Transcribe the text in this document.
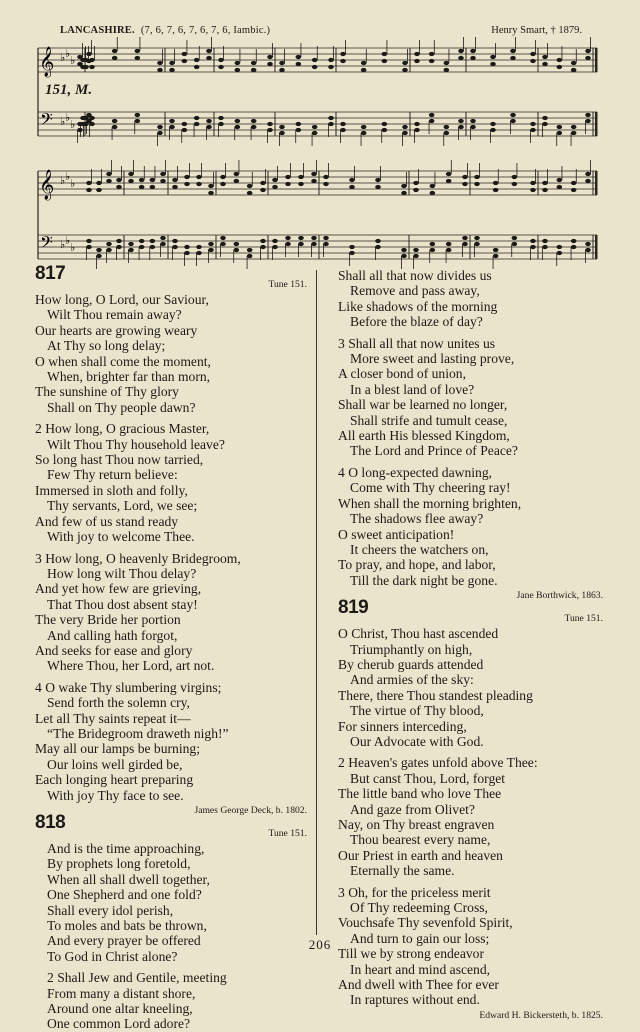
LANCASHIRE. (7, 6, 7, 6, 7, 6, 7, 6, Iambic.)	Henry Smart, † 1879.
𝄞
𝄢
♭ ♭
♭
♭ ♭
♭
𝄞
𝄢
♭ ♭
♭
♭ ♭
♭
151, M.
817
Tune 151.
How long, O Lord, our Saviour,
Wilt Thou remain away?
Our hearts are growing weary
At Thy so long delay;
O when shall come the moment,
When, brighter far than morn,
The sunshine of Thy glory
Shall on Thy people dawn?
2 How long, O gracious Master,
Wilt Thou Thy household leave?
So long hast Thou now tarried,
Few Thy return believe:
Immersed in sloth and folly,
Thy servants, Lord, we see;
And few of us stand ready
With joy to welcome Thee.
3 How long, O heavenly Bridegroom,
How long wilt Thou delay?
And yet how few are grieving,
That Thou dost absent stay!
The very Bride her portion
And calling hath forgot,
And seeks for ease and glory
Where Thou, her Lord, art not.
4 O wake Thy slumbering virgins;
Send forth the solemn cry,
Let all Thy saints repeat it—
“The Bridegroom draweth nigh!”
May all our lamps be burning;
Our loins well girded be,
Each longing heart preparing
With joy Thy face to see.
James George Deck, b. 1802.
818
Tune 151.
And is the time approaching,
By prophets long foretold,
When all shall dwell together,
One Shepherd and one fold?
Shall every idol perish,
To moles and bats be thrown,
And every prayer be offered
To God in Christ alone?
2 Shall Jew and Gentile, meeting
From many a distant shore,
Around one altar kneeling,
One common Lord adore?
Shall all that now divides us
Remove and pass away,
Like shadows of the morning
Before the blaze of day?
3 Shall all that now unites us
More sweet and lasting prove,
A closer bond of union,
In a blest land of love?
Shall war be learned no longer,
Shall strife and tumult cease,
All earth His blessed Kingdom,
The Lord and Prince of Peace?
4 O long-expected dawning,
Come with Thy cheering ray!
When shall the morning brighten,
The shadows flee away?
O sweet anticipation!
It cheers the watchers on,
To pray, and hope, and labor,
Till the dark night be gone.
Jane Borthwick, 1863.
819
Tune 151.
O Christ, Thou hast ascended
Triumphantly on high,
By cherub guards attended
And armies of the sky:
There, there Thou standest pleading
The virtue of Thy blood,
For sinners interceding,
Our Advocate with God.
2 Heaven's gates unfold above Thee:
But canst Thou, Lord, forget
The little band who love Thee
And gaze from Olivet?
Nay, on Thy breast engraven
Thou bearest every name,
Our Priest in earth and heaven
Eternally the same.
3 Oh, for the priceless merit
Of Thy redeeming Cross,
Vouchsafe Thy sevenfold Spirit,
And turn to gain our loss;
Till we by strong endeavor
In heart and mind ascend,
And dwell with Thee for ever
In raptures without end.
Edward H. Bickersteth, b. 1825.
206
